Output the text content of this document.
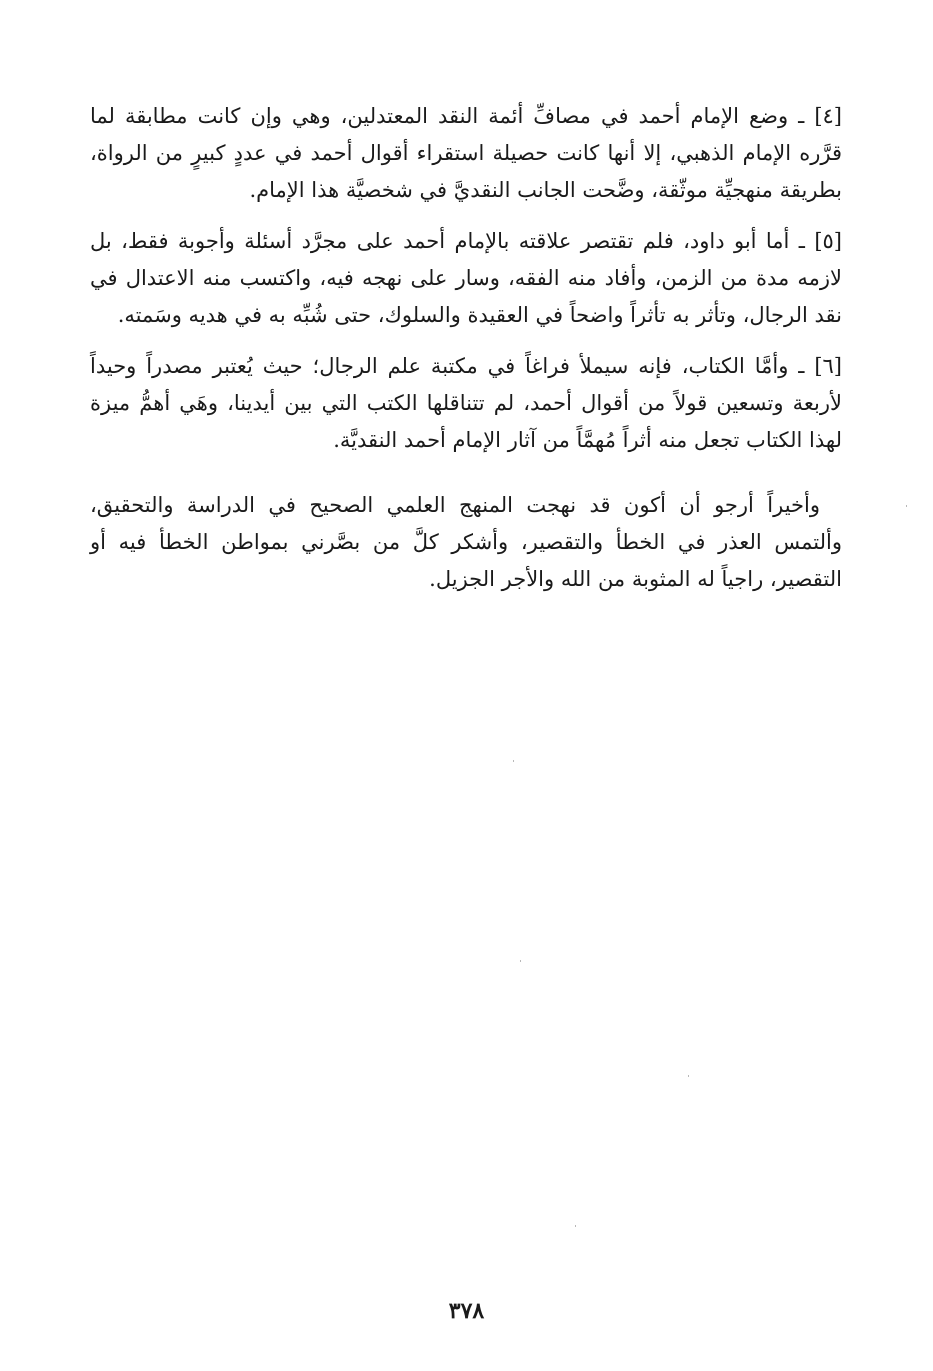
[٤] ـ وضع الإمام أحمد في مصافِّ أئمة النقد المعتدلين، وهي وإن كانت مطابقة لما قرَّره الإمام الذهبي، إلا أنها كانت حصيلة استقراء أقوال أحمد في عددٍ كبيرٍ من الرواة، بطريقة منهجيِّة موثّقة، وضَّحت الجانب النقديَّ في شخصيَّة هذا الإمام.

[٥] ـ أما أبو داود، فلم تقتصر علاقته بالإمام أحمد على مجرَّد أسئلة وأجوبة فقط، بل لازمه مدة من الزمن، وأفاد منه الفقه، وسار على نهجه فيه، واكتسب منه الاعتدال في نقد الرجال، وتأثر به تأثراً واضحاً في العقيدة والسلوك، حتى شُبِّه به في هديه وسَمته.

[٦] ـ وأمَّا الكتاب، فإنه سيملأ فراغاً في مكتبة علم الرجال؛ حيث يُعتبر مصدراً وحيداً لأربعة وتسعين قولاً من أقوال أحمد، لم تتناقلها الكتب التي بين أيدينا، وهَي أهمُّ ميزة لهذا الكتاب تجعل منه أثراً مُهمَّاً من آثار الإمام أحمد النقديَّة.

وأخيراً أرجو أن أكون قد نهجت المنهج العلمي الصحيح في الدراسة والتحقيق، وألتمس العذر في الخطأ والتقصير، وأشكر كلَّ من بصَّرني بمواطن الخطأ فيه أو التقصير، راجياً له المثوبة من الله والأجر الجزيل.

٣٧٨
